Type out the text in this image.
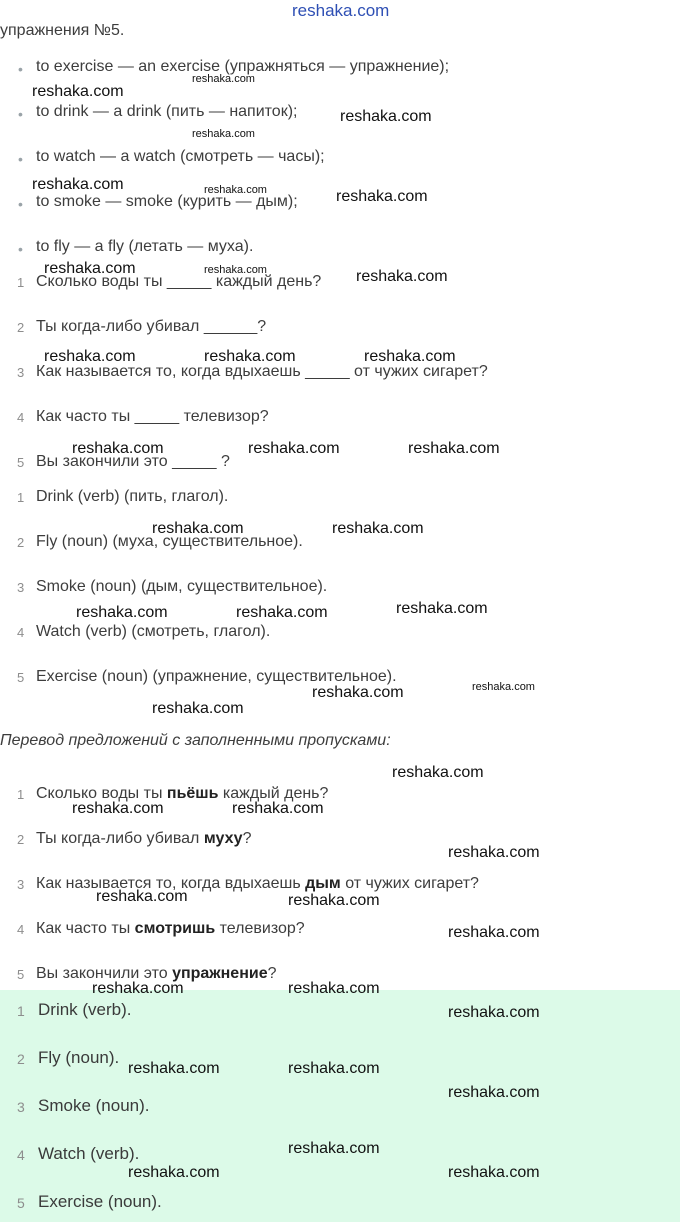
reshaka.com
упражнения №5.
• to exercise — an exercise (упражняться — упражнение);
• to drink — a drink (пить — напиток);
• to watch — a watch (смотреть — часы);
• to smoke — smoke (курить — дым);
• to fly — a fly (летать — муха).
1 Сколько воды ты _____ каждый день?
2 Ты когда-либо убивал ______?
3 Как называется то, когда вдыхаешь _____ от чужих сигарет?
4 Как часто ты _____ телевизор?
5 Вы закончили это _____ ?
1 Drink (verb) (пить, глагол).
2 Fly (noun) (муха, существительное).
3 Smoke (noun) (дым, существительное).
4 Watch (verb) (смотреть, глагол).
5 Exercise (noun) (упражнение, существительное).
Перевод предложений с заполненными пропусками:
1 Сколько воды ты пьёшь каждый день?
2 Ты когда-либо убивал муху?
3 Как называется то, когда вдыхаешь дым от чужих сигарет?
4 Как часто ты смотришь телевизор?
5 Вы закончили это упражнение?
1 Drink (verb).
2 Fly (noun).
3 Smoke (noun).
4 Watch (verb).
5 Exercise (noun).
reshaka.com
reshaka.com
reshaka.com
reshaka.com
reshaka.com	reshaka.com	reshaka.com
reshaka.com	reshaka.com	reshaka.com
reshaka.com	reshaka.com	reshaka.com
reshaka.com	reshaka.com	reshaka.com
reshaka.com	reshaka.com
reshaka.com
reshaka.com	reshaka.com
reshaka.com
reshaka.com
reshaka.com
reshaka.com
reshaka.com	reshaka.com
reshaka.com
reshaka.com	reshaka.com
reshaka.com
reshaka.com	reshaka.com
reshaka.com
reshaka.com	reshaka.com
reshaka.com
reshaka.com
reshaka.com	reshaka.com
